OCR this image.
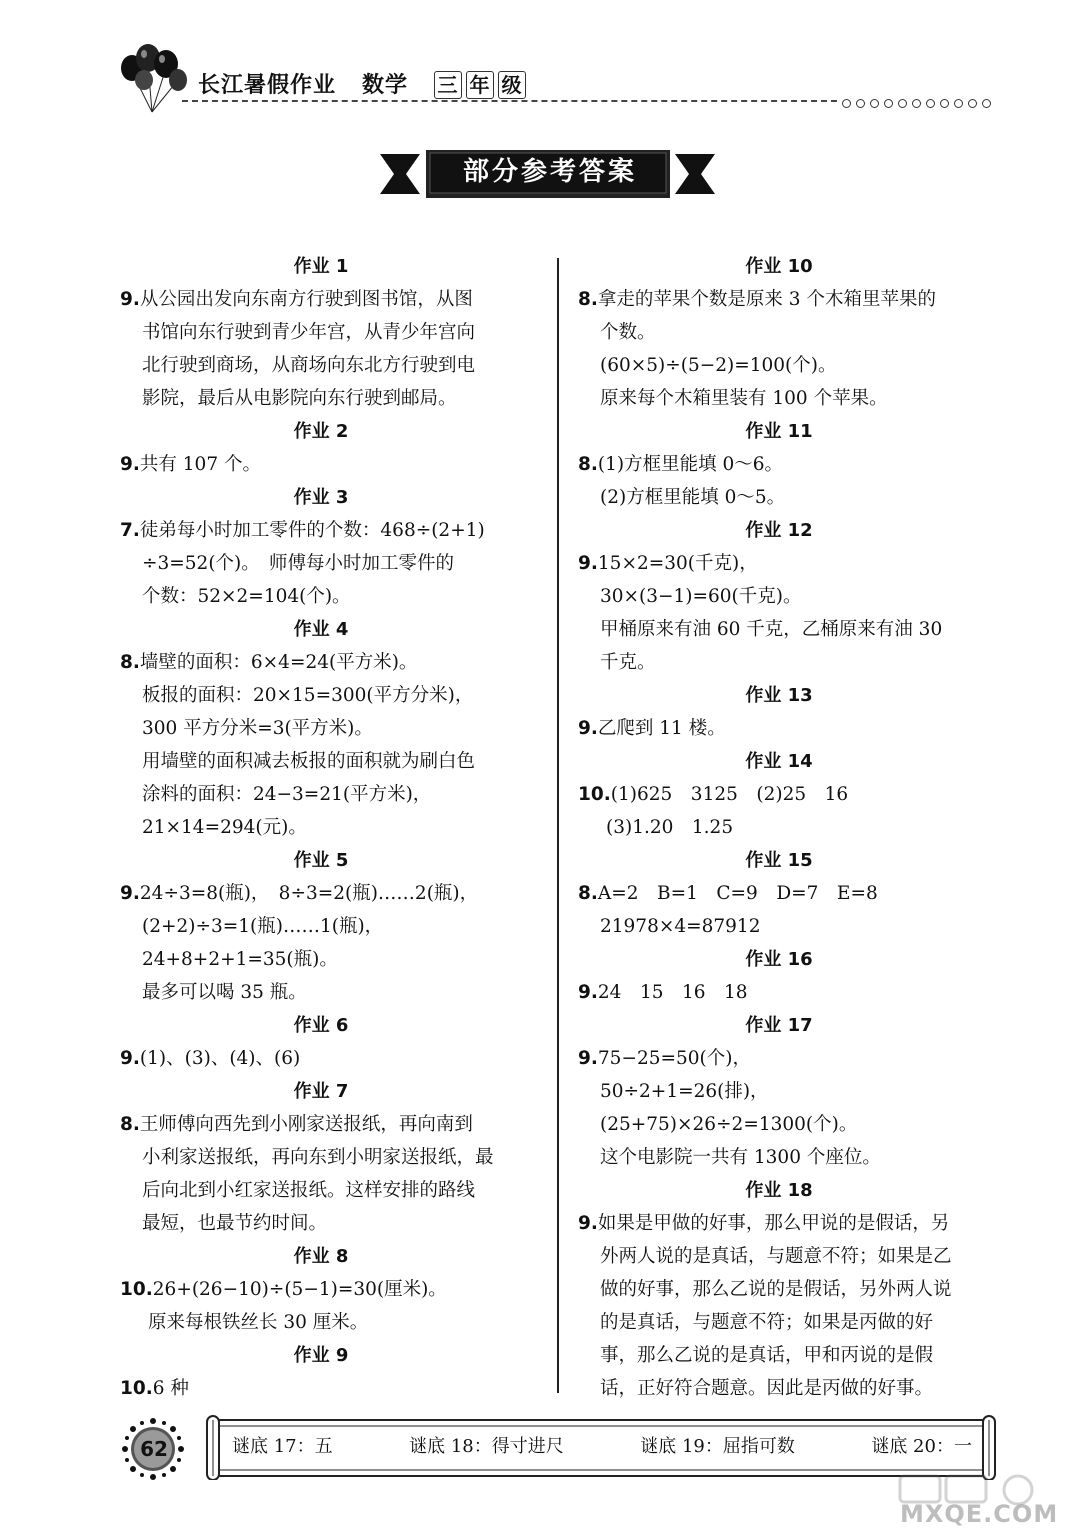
长江暑假作业 数学 三 年 级
部分参考答案
作业 1
9.从公园出发向东南方行驶到图书馆，从图
书馆向东行驶到青少年宫，从青少年宫向
北行驶到商场，从商场向东北方行驶到电
影院，最后从电影院向东行驶到邮局。
作业 2
9.共有 107 个。
作业 3
7.徒弟每小时加工零件的个数：468÷(2+1)
÷3=52(个)。　师傅每小时加工零件的
个数：52×2=104(个)。
作业 4
8.墙壁的面积：6×4=24(平方米)。
板报的面积：20×15=300(平方分米)，
300 平方分米=3(平方米)。
用墙壁的面积减去板报的面积就为刷白色
涂料的面积：24−3=21(平方米)，
21×14=294(元)。
作业 5
9.24÷3=8(瓶)，　8÷3=2(瓶)……2(瓶)，
(2+2)÷3=1(瓶)……1(瓶)，
24+8+2+1=35(瓶)。
最多可以喝 35 瓶。
作业 6
9.(1)、(3)、(4)、(6)
作业 7
8.王师傅向西先到小刚家送报纸，再向南到
小利家送报纸，再向东到小明家送报纸，最
后向北到小红家送报纸。这样安排的路线
最短，也最节约时间。
作业 8
10.26+(26−10)÷(5−1)=30(厘米)。
原来每根铁丝长 30 厘米。
作业 9
10.6 种
作业 10
8.拿走的苹果个数是原来 3 个木箱里苹果的
个数。
(60×5)÷(5−2)=100(个)。
原来每个木箱里装有 100 个苹果。
作业 11
8.(1)方框里能填 0～6。
(2)方框里能填 0～5。
作业 12
9.15×2=30(千克)，
30×(3−1)=60(千克)。
甲桶原来有油 60 千克，乙桶原来有油 30
千克。
作业 13
9.乙爬到 11 楼。
作业 14
10.(1)625　3125　(2)25　16
(3)1.20　1.25
作业 15
8.A=2　B=1　C=9　D=7　E=8
21978×4=87912
作业 16
9.24　15　16　18
作业 17
9.75−25=50(个)，
50÷2+1=26(排)，
(25+75)×26÷2=1300(个)。
这个电影院一共有 1300 个座位。
作业 18
9.如果是甲做的好事，那么甲说的是假话，另
外两人说的是真话，与题意不符；如果是乙
做的好事，那么乙说的是假话，另外两人说
的是真话，与题意不符；如果是丙做的好
事，那么乙说的是真话，甲和丙说的是假
话，正好符合题意。因此是丙做的好事。
62	谜底 17：五	谜底 18：得寸进尺	谜底 19：屈指可数	谜底 20：一
MXQE.COM
